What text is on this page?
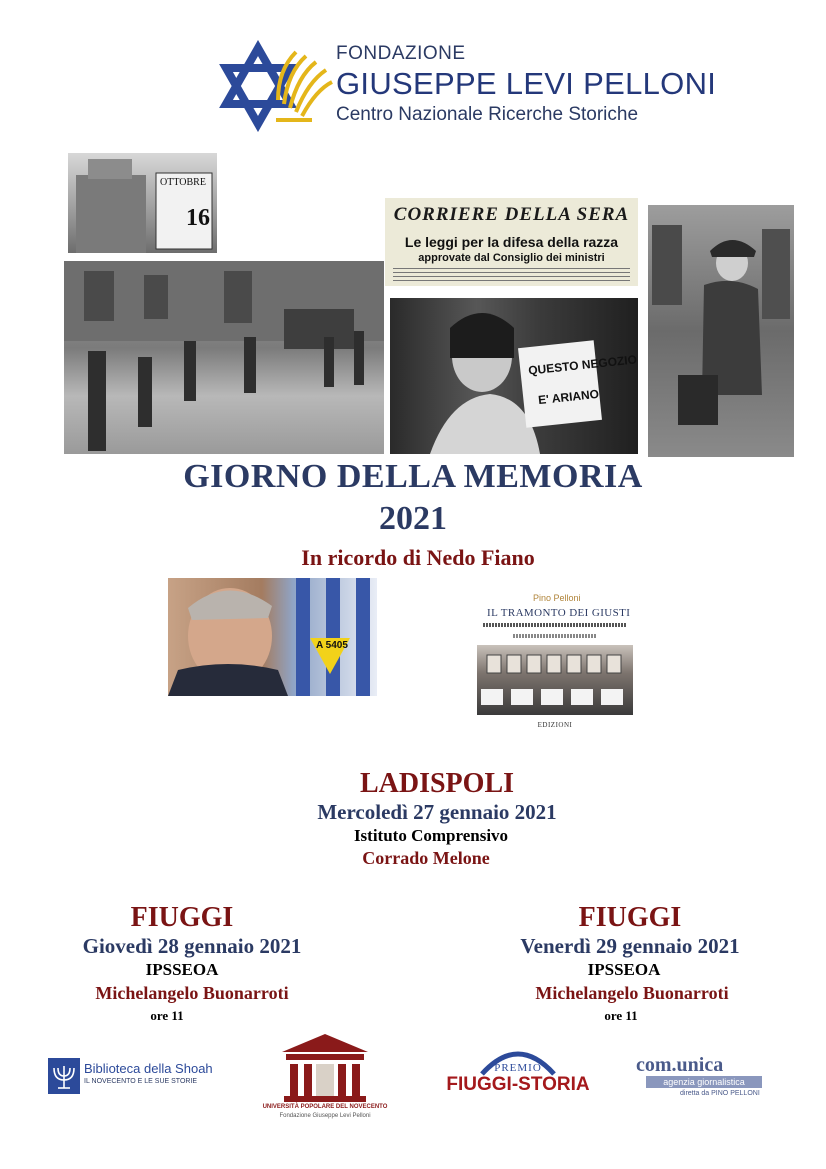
FONDAZIONE
GIUSEPPE LEVI PELLONI
Centro Nazionale Ricerche Storiche
OTTOBRE
16	CORRIERE DELLA SERA
Le leggi per la difesa della razza
approvate dal Consiglio dei ministri
QUESTO NEGOZIO
E' ARIANO
GIORNO DELLA MEMORIA
2021
In ricordo di Nedo Fiano
A 5405
Pino Pelloni
IL TRAMONTO DEI GIUSTI
EDIZIONI
LADISPOLI
Mercoledì 27 gennaio 2021
Istituto Comprensivo
Corrado Melone
FIUGGI
Giovedì 28 gennaio 2021
IPSSEOA
Michelangelo Buonarroti
ore 11
FIUGGI
Venerdì 29 gennaio 2021
IPSSEOA
Michelangelo Buonarroti
ore 11
Biblioteca della Shoah
IL NOVECENTO E LE SUE STORIE
UNIVERSITÀ POPOLARE DEL NOVECENTO
Fondazione Giuseppe Levi Pelloni
PREMIO
FIUGGI-STORIA
com.unica
agenzia giornalistica
diretta da PINO PELLONI
